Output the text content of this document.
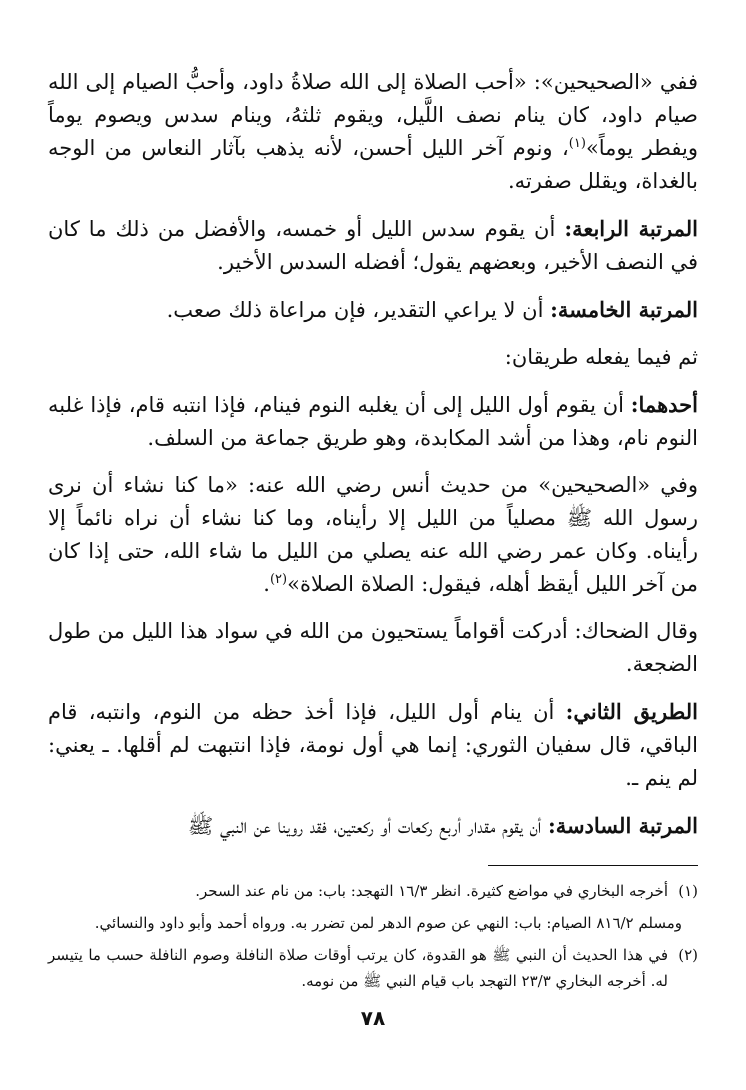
ففي «الصحيحين»: «أحب الصلاة إلى الله صلاةُ داود، وأحبُّ الصيام إلى الله صيام داود، كان ينام نصف اللَّيل، ويقوم ثلثهُ، وينام سدس ويصوم يوماً ويفطر يوماً»$^{(١)}$، ونوم آخر الليل أحسن، لأنه يذهب بآثار النعاس من الوجه بالغداة، ويقلل صفرته.

المرتبة الرابعة: أن يقوم سدس الليل أو خمسه، والأفضل من ذلك ما كان في النصف الأخير، وبعضهم يقول؛ أفضله السدس الأخير.

المرتبة الخامسة: أن لا يراعي التقدير، فإن مراعاة ذلك صعب.

ثم فيما يفعله طريقان:

أحدهما: أن يقوم أول الليل إلى أن يغلبه النوم فينام، فإذا انتبه قام، فإذا غلبه النوم نام، وهذا من أشد المكابدة، وهو طريق جماعة من السلف.

وفي «الصحيحين» من حديث أنس رضي الله عنه: «ما كنا نشاء أن نرى رسول الله ﷺ مصلياً من الليل إلا رأيناه، وما كنا نشاء أن نراه نائماً إلا رأيناه. وكان عمر رضي الله عنه يصلي من الليل ما شاء الله، حتى إذا كان من آخر الليل أيقظ أهله، فيقول: الصلاة الصلاة»$^{(٢)}$.

وقال الضحاك: أدركت أقواماً يستحيون من الله في سواد هذا الليل من طول الضجعة.

الطريق الثاني: أن ينام أول الليل، فإذا أخذ حظه من النوم، وانتبه، قام الباقي، قال سفيان الثوري: إنما هي أول نومة، فإذا انتبهت لم أقلها. ـ يعني: لم ينم ـ.

المرتبة السادسة: أن يقوم مقدار أربع ركعات أو ركعتين، فقد روينا عن النبي ﷺ

(١)
أخرجه البخاري في مواضع كثيرة. انظر ١٦/٣ التهجد: باب: من نام عند السحر.

ومسلم ٨١٦/٢ الصيام: باب: النهي عن صوم الدهر لمن تضرر به. ورواه أحمد وأبو داود والنسائي.

(٢)
في هذا الحديث أن النبي ﷺ هو القدوة، كان يرتب أوقات صلاة النافلة وصوم النافلة حسب ما يتيسر له. أخرجه البخاري ٢٣/٣ التهجد باب قيام النبي ﷺ من نومه.

٧٨
